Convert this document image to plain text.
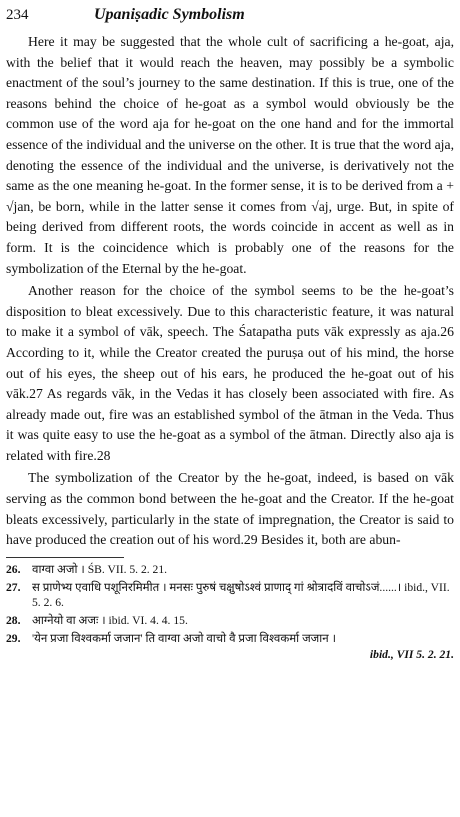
234	Upaniṣadic Symbolism

Here it may be suggested that the whole cult of sacrificing a he-goat, aja, with the belief that it would reach the heaven, may possibly be a symbolic enactment of the soul’s journey to the same destination. If this is true, one of the reasons behind the choice of he-goat as a symbol would obviously be the common use of the word aja for he-goat on the one hand and for the immortal essence of the individual and the universe on the other. It is true that the word aja, denoting the essence of the individual and the universe, is derivatively not the same as the one meaning he-goat. In the former sense, it is to be derived from a + √jan, be born, while in the latter sense it comes from √aj, urge. But, in spite of being derived from different roots, the words coincide in accent as well as in form. It is the coincidence which is probably one of the reasons for the symbolization of the Eternal by the he-goat.

Another reason for the choice of the symbol seems to be the he-goat’s disposition to bleat excessively. Due to this characteristic feature, it was natural to make it a symbol of vāk, speech. The Śatapatha puts vāk expressly as aja.26 According to it, while the Creator created the puruṣa out of his mind, the horse out of his eyes, the sheep out of his ears, he produced the he-goat out of his vāk.27 As regards vāk, in the Vedas it has closely been associated with fire. As already made out, fire was an established symbol of the ātman in the Veda. Thus it was quite easy to use the he-goat as a symbol of the ātman. Directly also aja is related with fire.28

The symbolization of the Creator by the he-goat, indeed, is based on vāk serving as the common bond between the he-goat and the Creator. If the he-goat bleats excessively, particularly in the state of impregnation, the Creator is said to have produced the creation out of his word.29 Besides it, both are abun-

26. वाग्वा अजो । ŚB. VII. 5. 2. 21.
27. स प्राणेभ्य एवाधि पशूनिरमिमीत । मनसः पुरुषं चक्षुषोऽश्वं प्राणाद् गां श्रोत्रादविं वाचोऽजं......। ibid., VII. 5. 2. 6.
28. आग्नेयो वा अजः । ibid. VI. 4. 4. 15.
29. 'येन प्रजा विश्वकर्मा जजान' ति वाग्वा अजो वाचो वै प्रजा विश्वकर्मा जजान ।
ibid., VII 5. 2. 21.
